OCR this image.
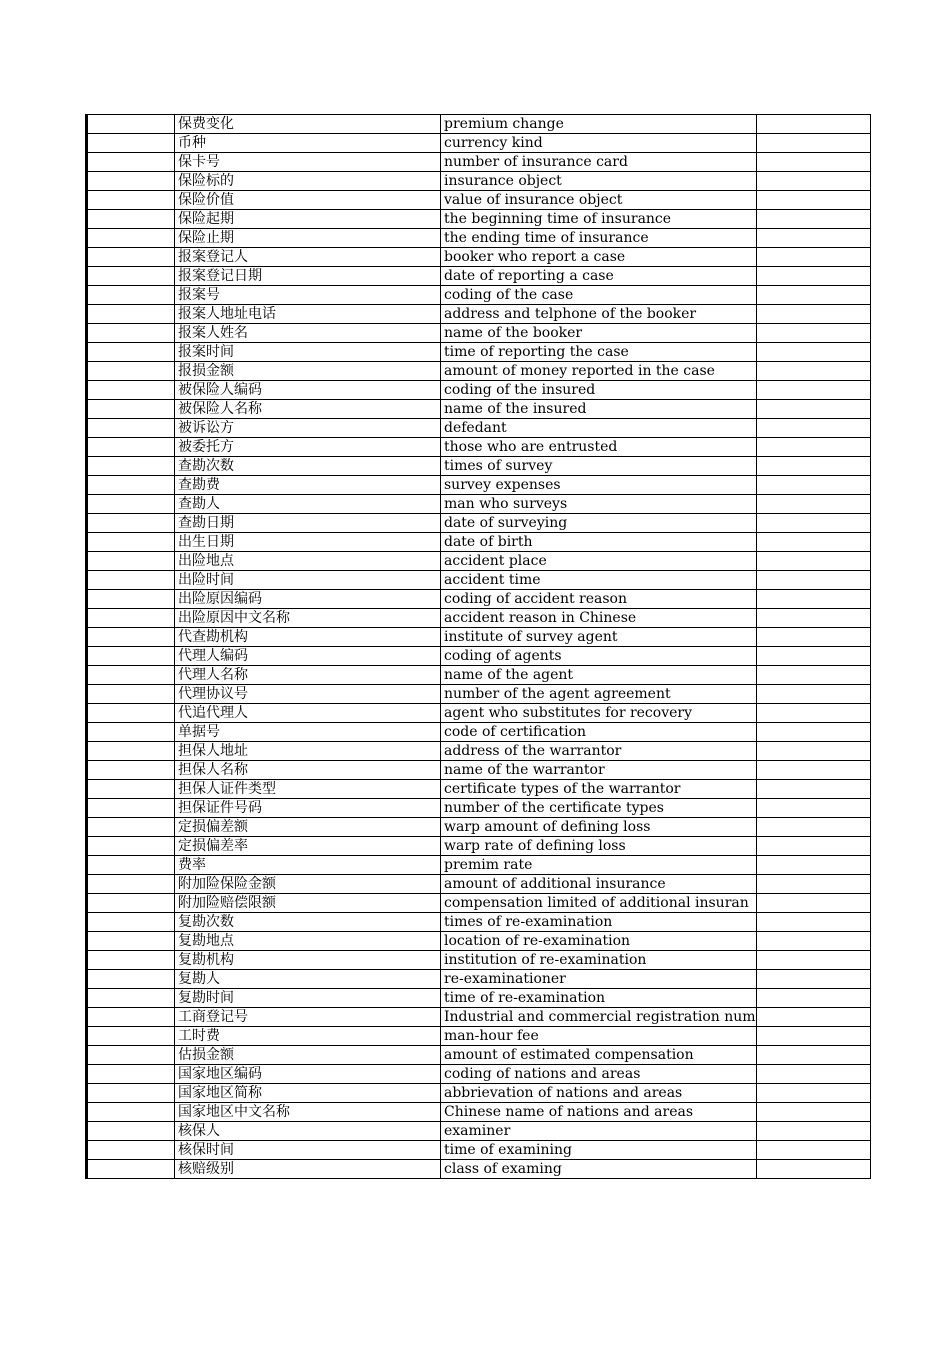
	保费变化	premium change	
	币种	currency kind	
	保卡号	number of insurance card	
	保险标的	insurance object	
	保险价值	value of insurance object	
	保险起期	the beginning time of insurance	
	保险止期	the ending time of insurance	
	报案登记人	booker who report a case	
	报案登记日期	date of reporting a case	
	报案号	coding of the case	
	报案人地址电话	address and telphone of the booker	
	报案人姓名	name of the booker	
	报案时间	time of reporting the case	
	报损金额	amount of money reported in the case	
	被保险人编码	coding of the insured	
	被保险人名称	name of the insured	
	被诉讼方	defedant	
	被委托方	those who are entrusted	
	查勘次数	times of survey	
	查勘费	survey expenses	
	查勘人	man who surveys	
	查勘日期	date of surveying	
	出生日期	date of birth	
	出险地点	accident place	
	出险时间	accident time	
	出险原因编码	coding of accident reason	
	出险原因中文名称	accident reason in Chinese	
	代查勘机构	institute of survey agent	
	代理人编码	coding of agents	
	代理人名称	name of the agent	
	代理协议号	number of the agent agreement	
	代追代理人	agent who substitutes for recovery	
	单据号	code of certification	
	担保人地址	address of the warrantor	
	担保人名称	name of the warrantor	
	担保人证件类型	certificate types of the warrantor	
	担保证件号码	number of the certificate types	
	定损偏差额	warp amount of defining loss	
	定损偏差率	warp rate of defining loss	
	费率	premim rate	
	附加险保险金额	amount of additional insurance	
	附加险赔偿限额	compensation limited of additional insuran	
	复勘次数	times of re-examination	
	复勘地点	location of re-examination	
	复勘机构	institution of re-examination	
	复勘人	re-examinationer	
	复勘时间	time of re-examination	
	工商登记号	Industrial and commercial registration num	
	工时费	man-hour fee	
	估损金额	amount of estimated compensation	
	国家地区编码	coding of nations and areas	
	国家地区简称	abbrievation of nations and areas	
	国家地区中文名称	Chinese name of nations and areas	
	核保人	examiner	
	核保时间	time of examining	
	核赔级别	class of examing	
